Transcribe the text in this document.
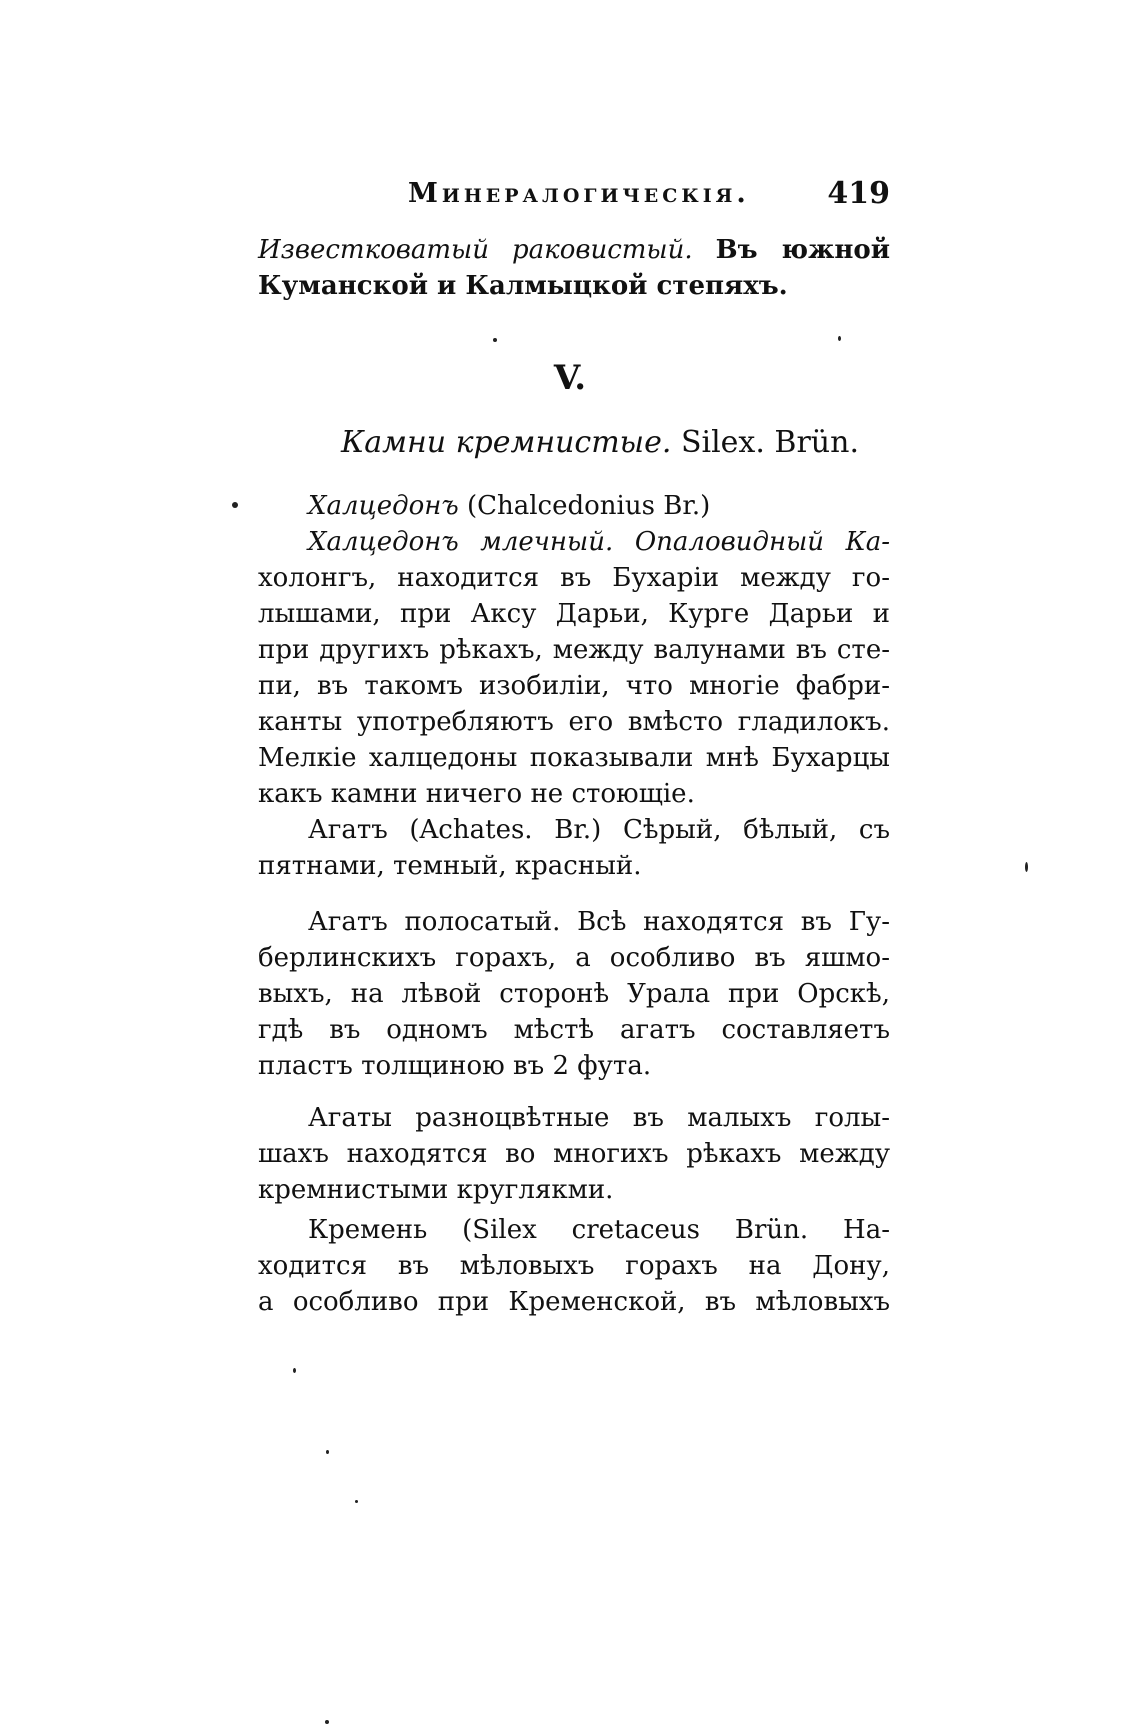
Минералогическія.	419
Известковатый раковистый. Въ южной
Куманской и Калмыцкой степяхъ.
V.
Камни кремнистые. Silex. Brün.
Халцедонъ (Chalcedonius Br.)
Халцедонъ млечный. Опаловидный Ка-
холонгъ, находится въ Бухаріи между го-
лышами, при Аксу Дарьи, Курге Дарьи и
при другихъ рѣкахъ, между валунами въ сте-
пи, въ такомъ изобиліи, что многіе фабри-
канты употребляютъ его вмѣсто гладилокъ.
Мелкіе халцедоны показывали мнѣ Бухарцы
какъ камни ничего не стоющіе.
Агатъ (Achates. Br.) Сѣрый, бѣлый, съ
пятнами, темный, красный.
Агатъ полосатый. Всѣ находятся въ Гу-
берлинскихъ горахъ, а особливо въ яшмо-
выхъ, на лѣвой сторонѣ Урала при Орскѣ,
гдѣ въ одномъ мѣстѣ агатъ составляетъ
пластъ толщиною въ 2 фута.
Агаты разноцвѣтные въ малыхъ голы-
шахъ находятся во многихъ рѣкахъ между
кремнистыми круглякми.
Кремень (Silex cretaceus Brün. На-
ходится въ мѣловыхъ горахъ на Дону,
а особливо при Кременской, въ мѣловыхъ
